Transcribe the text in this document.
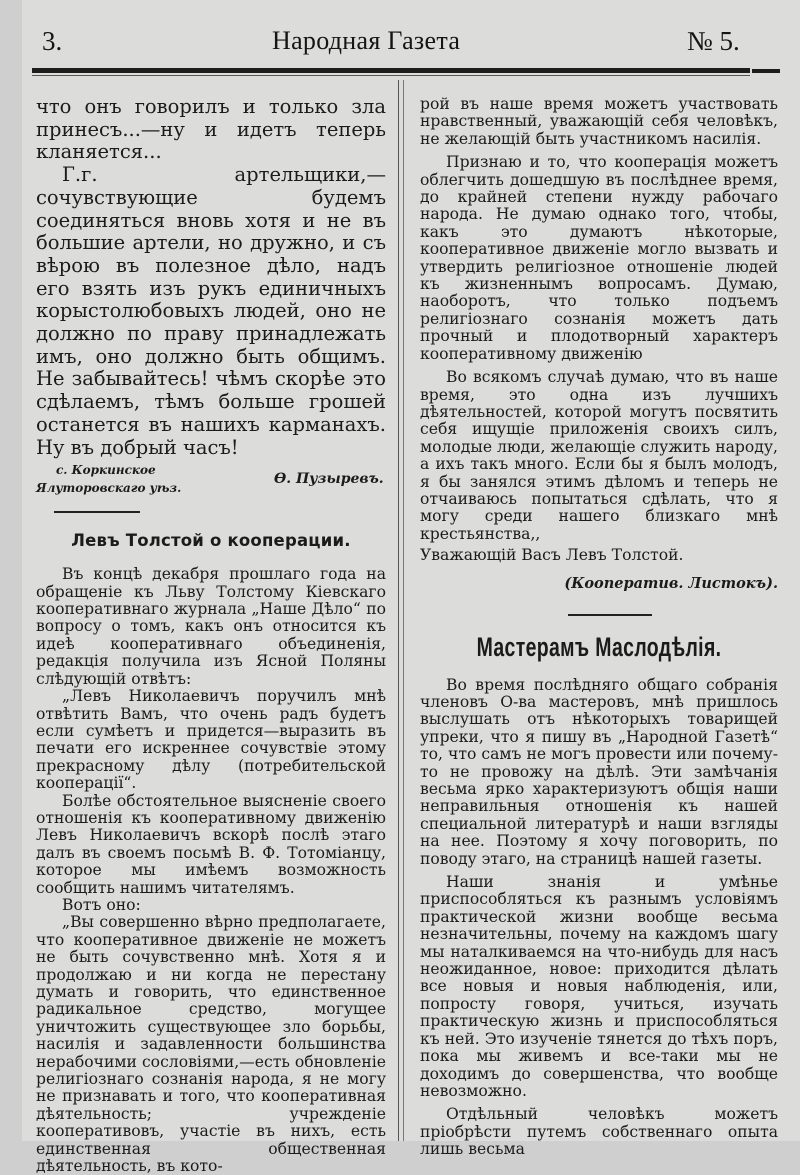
3.	Народная Газета	№ 5.

что онъ говорилъ и только зла принесъ...—ну и идетъ теперь кланяется...

Г.г. артельщики,—сочувствующие будемъ соединяться вновь хотя и не въ большие артели, но дружно, и съ вѣрою въ полезное дѣло, надъ его взять изъ рукъ единичныхъ корыстолюбовыхъ людей, оно не должно по праву принадлежать имъ, оно должно быть общимъ. Не забывайтесь! чѣмъ скорѣе это сдѣлаемъ, тѣмъ больше грошей останется въ нашихъ карманахъ. Ну въ добрый часъ!

с. Коркинское
Ялуторовскаго уѣз.
Ѳ. Пузыревъ.
Левъ Толстой о кооперации.

Въ концѣ декабря прошлаго года на обращеніе къ Льву Толстому Кіевскаго кооперативнаго журнала „Наше Дѣло“ по вопросу о томъ, какъ онъ относится къ идеѣ кооперативнаго объединенія, редакція получила изъ Ясной Поляны слѣдующій отвѣтъ:

„Левъ Николаевичъ поручилъ мнѣ отвѣтить Вамъ, что очень радъ будетъ если сумѣетъ и придется—выразить въ печати его искреннее сочувствіе этому прекрасному дѣлу (потребительской кооперації“.

Болѣе обстоятельное выясненіе своего отношенія къ кооперативному движенію Левъ Николаевичъ вскорѣ послѣ этаго далъ въ своемъ посьмѣ В. Ф. Тотоміанцу, которое мы имѣемъ возможность сообщить нашимъ читателямъ.

Вотъ оно:

„Вы совершенно вѣрно предполагаете, что кооперативное движеніе не можетъ не быть сочувственно мнѣ. Хотя я и продолжаю и ни когда не перестану думать и говорить, что единственное радикальное средство, могущее уничтожить существующее зло борьбы, насилія и задавленности большинства нерабочими сословіями,—есть обновленіе религіознаго сознанія народа, я не могу не признавать и того, что кооперативная дѣятельность; учрежденіе кооперативовъ, участіе въ нихъ, есть единственная общественная дѣятельность, въ кото-

рой въ наше время можетъ участвовать нравственный, уважающій себя человѣкъ, не желающій быть участникомъ насилія.

Признаю и то, что кооперація можетъ облегчить дошедшую въ послѣднее время, до крайней степени нужду рабочаго народа. Не думаю однако того, чтобы, какъ это думаютъ нѣкоторые, кооперативное движеніе могло вызвать и утвердить религіозное отношеніе людей къ жизненнымъ вопросамъ. Думаю, наоборотъ, что только подъемъ религіознаго сознанія можетъ дать прочный и плодотворный характеръ кооперативному движенію

Во всякомъ случаѣ думаю, что въ наше время, это одна изъ лучшихъ дѣятельностей, которой могутъ посвятить себя ищущіе приложенія своихъ силъ, молодые люди, желающіе служить народу, а ихъ такъ много. Если бы я былъ молодъ, я бы занялся этимъ дѣломъ и теперь не отчаиваюсь попытаться сдѣлать, что я могу среди нашего близкаго мнѣ крестьянства,,

Уважающій Васъ Левъ Толстой.

(Кооператив. Листокъ).
Мастерамъ Маслодѣлія.

Во время послѣдняго общаго собранія членовъ О-ва мастеровъ, мнѣ пришлось выслушать отъ нѣкоторыхъ товарищей упреки, что я пишу въ „Народной Газетѣ“ то, что самъ не могъ провести или почему-то не провожу на дѣлѣ. Эти замѣчанія весьма ярко характеризуютъ общія наши неправильныя отношенія къ нашей специальной литературѣ и наши взгляды на нее. Поэтому я хочу поговорить, по поводу этаго, на страницѣ нашей газеты.

Наши знанія и умѣнье приспособляться къ разнымъ условіямъ практической жизни вообще весьма незначительны, почему на каждомъ шагу мы наталкиваемся на что-нибудь для насъ неожиданное, новое: приходится дѣлать все новыя и новыя наблюденія, или, попросту говоря, учиться, изучать практическую жизнь и приспособляться къ ней. Это изученіе тянется до тѣхъ поръ, пока мы живемъ и все-таки мы не доходимъ до совершенства, что вообще невозможно.

Отдѣльный человѣкъ можетъ пріобрѣсти путемъ собственнаго опыта лишь весьма
